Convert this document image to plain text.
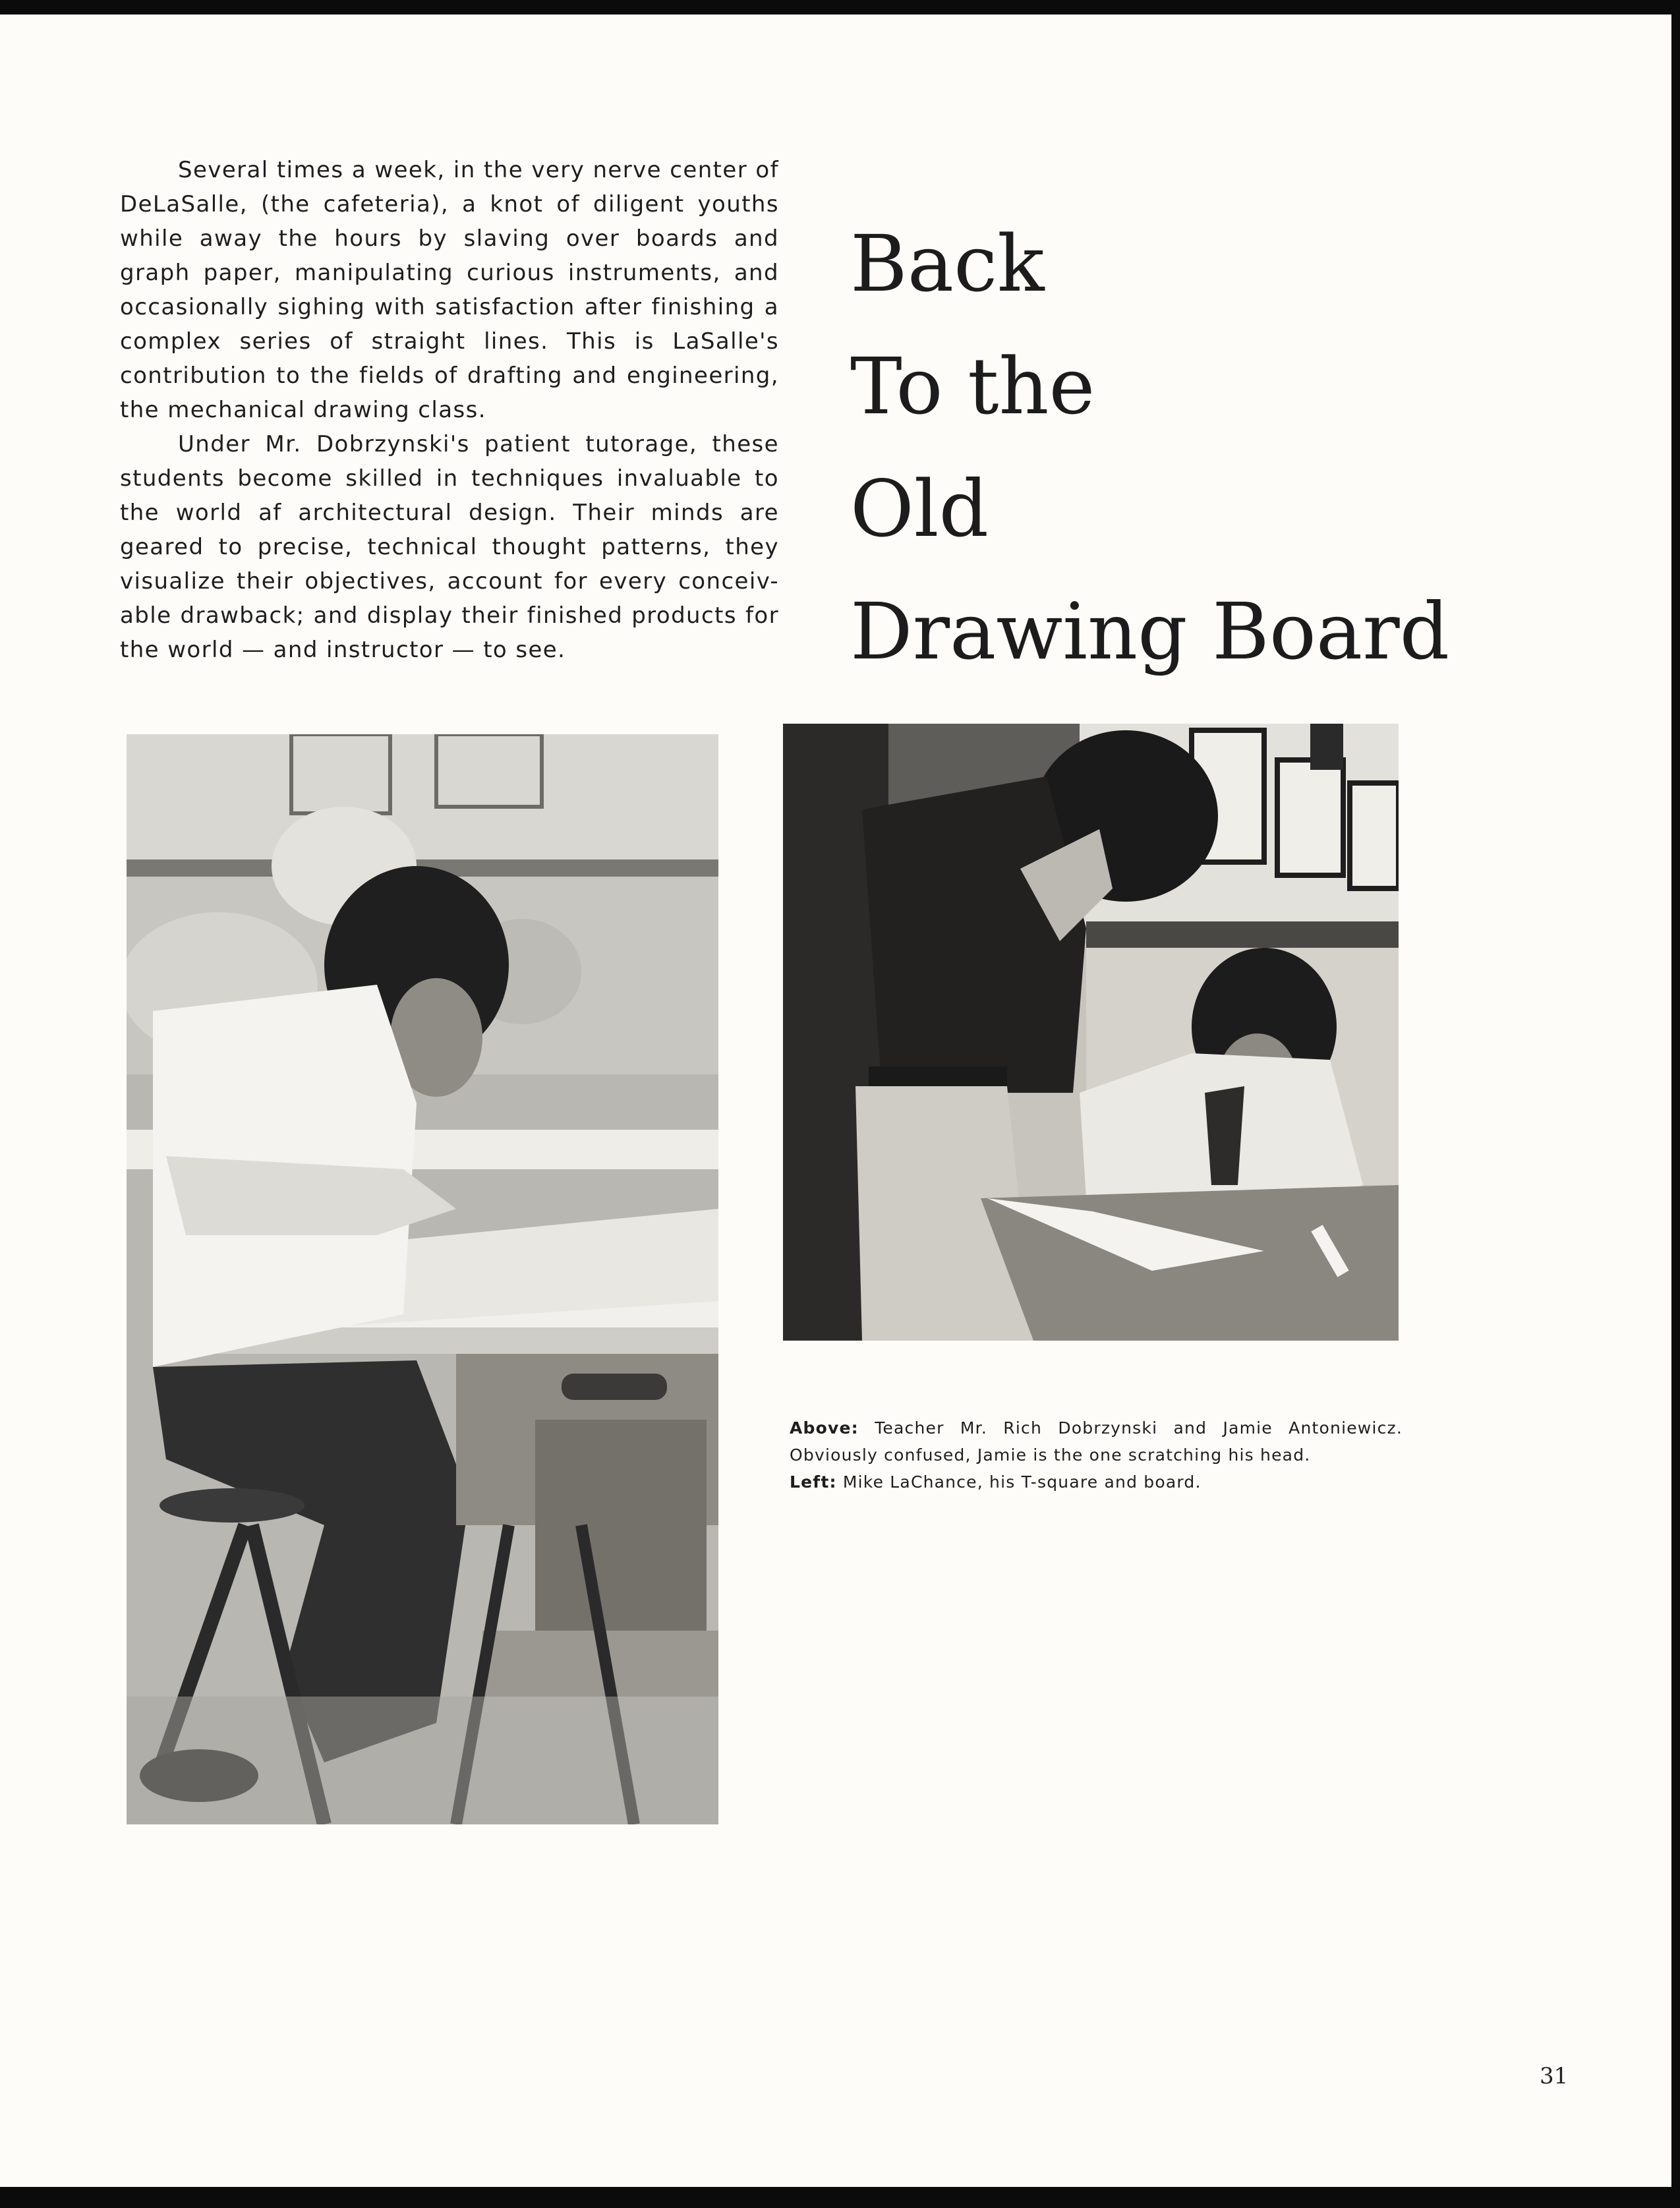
Several times a week, in the very nerve center of DeLaSalle, (the cafeteria), a knot of diligent youths while away the hours by slaving over boards and graph paper, manipulating curious instruments, and occasionally sighing with satisfaction after finishing a complex series of straight lines. This is LaSalle's contribution to the fields of drafting and engineering, the mechanical drawing class.

Under Mr. Dobrzynski's patient tutorage, these students become skilled in techniques invaluable to the world af architectural design. Their minds are geared to precise, technical thought patterns, they visualize their objectives, account for every conceiv-able drawback; and display their finished products for the world — and instructor — to see.

Back
To the
Old
Drawing Board
Above: Teacher Mr. Rich Dobrzynski and Jamie Antoniewicz. Obviously confused, Jamie is the one scratching his head.
Left: Mike LaChance, his T-square and board.
31
